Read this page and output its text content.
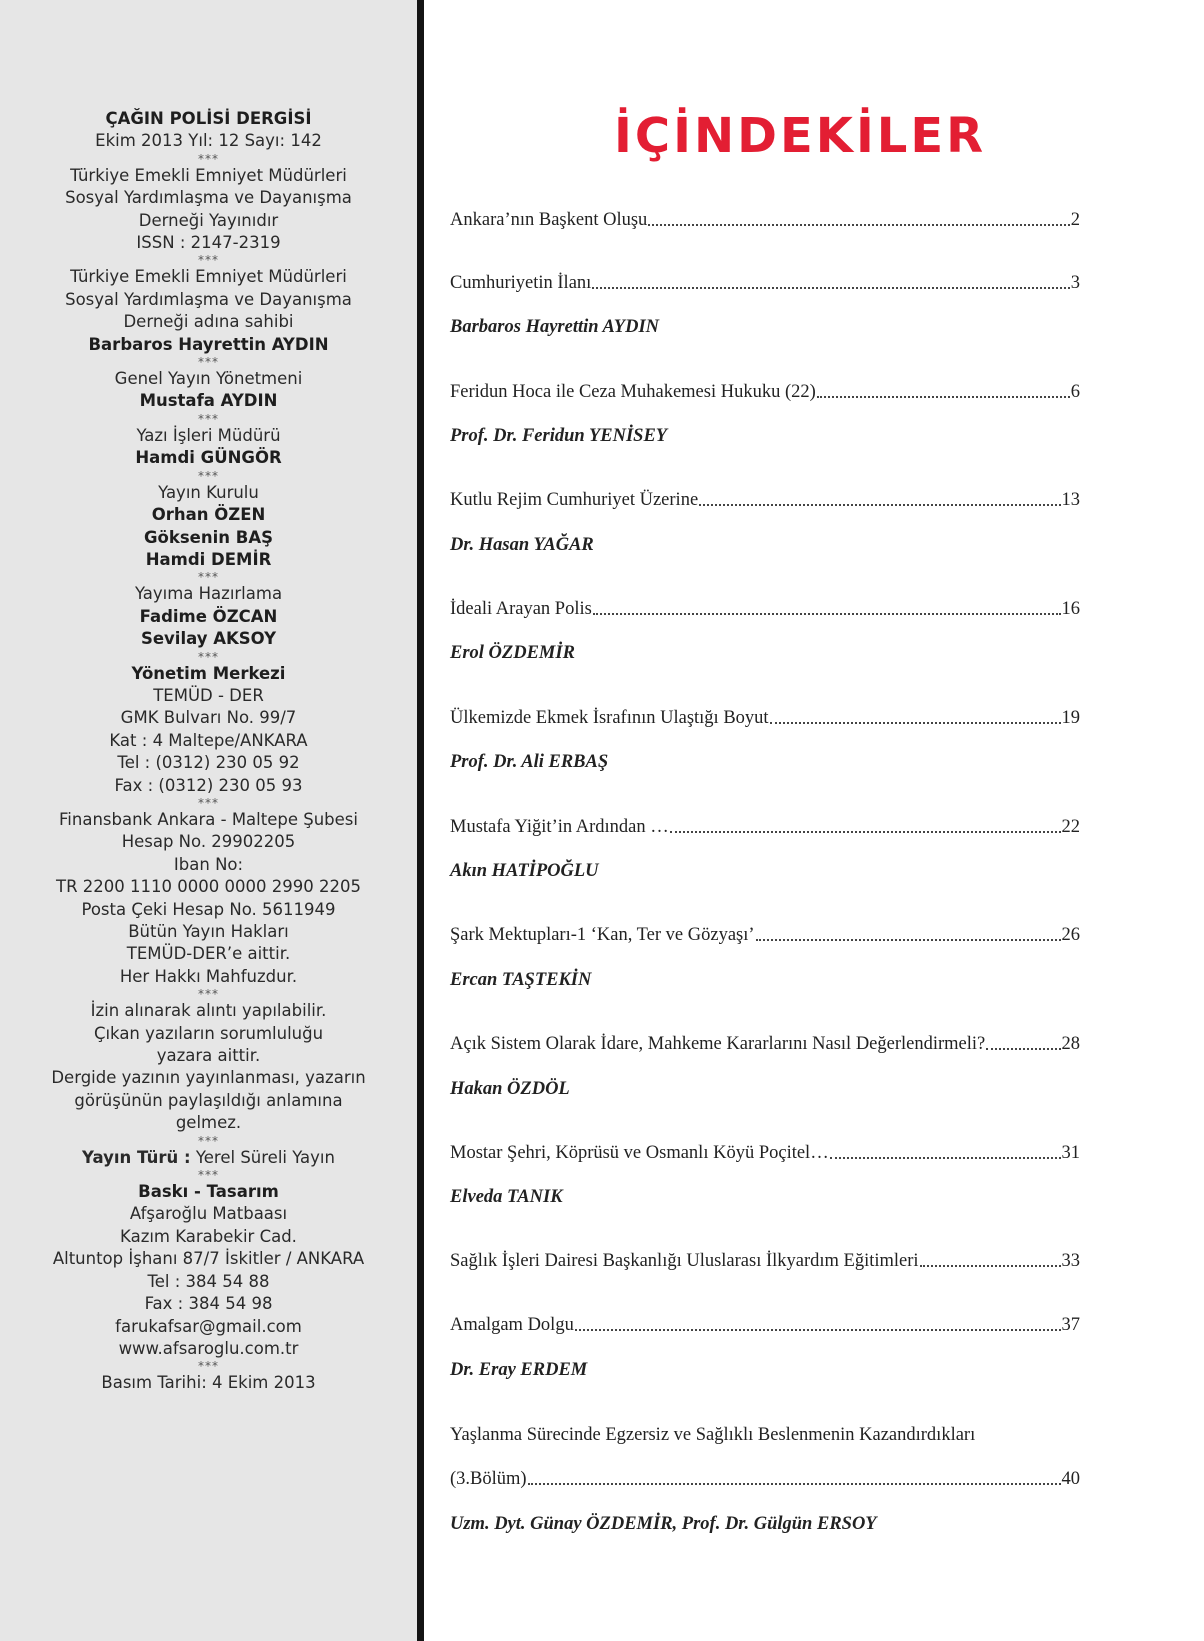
ÇAĞIN POLİSİ DERGİSİ
Ekim 2013 Yıl: 12 Sayı: 142
***
Türkiye Emekli Emniyet Müdürleri
Sosyal Yardımlaşma ve Dayanışma
Derneği Yayınıdır
ISSN : 2147-2319
***
Türkiye Emekli Emniyet Müdürleri
Sosyal Yardımlaşma ve Dayanışma
Derneği adına sahibi
Barbaros Hayrettin AYDIN
***
Genel Yayın Yönetmeni
Mustafa AYDIN
***
Yazı İşleri Müdürü
Hamdi GÜNGÖR
***
Yayın Kurulu
Orhan ÖZEN
Göksenin BAŞ
Hamdi DEMİR
***
Yayıma Hazırlama
Fadime ÖZCAN
Sevilay AKSOY
***
Yönetim Merkezi
TEMÜD - DER
GMK Bulvarı No. 99/7
Kat : 4 Maltepe/ANKARA
Tel : (0312) 230 05 92
Fax : (0312) 230 05 93
***
Finansbank Ankara - Maltepe Şubesi
Hesap No. 29902205
Iban No:
TR 2200 1110 0000 0000 2990 2205
Posta Çeki Hesap No. 5611949
Bütün Yayın Hakları
TEMÜD-DER’e aittir.
Her Hakkı Mahfuzdur.
***
İzin alınarak alıntı yapılabilir.
Çıkan yazıların sorumluluğu
yazara aittir.
Dergide yazının yayınlanması, yazarın
görüşünün paylaşıldığı anlamına
gelmez.
***
Yayın Türü : Yerel Süreli Yayın
***
Baskı - Tasarım
Afşaroğlu Matbaası
Kazım Karabekir Cad.
Altuntop İşhanı 87/7 İskitler / ANKARA
Tel : 384 54 88
Fax : 384 54 98
farukafsar@gmail.com
www.afsaroglu.com.tr
***
Basım Tarihi: 4 Ekim 2013
İÇİNDEKİLER
Ankara’nın Başkent Oluşu	2
Cumhuriyetin İlanı	3
Barbaros Hayrettin AYDIN
Feridun Hoca ile Ceza Muhakemesi Hukuku (22)	6
Prof. Dr. Feridun YENİSEY
Kutlu Rejim Cumhuriyet Üzerine	13
Dr. Hasan YAĞAR
İdeali Arayan Polis	16
Erol ÖZDEMİR
Ülkemizde Ekmek İsrafının Ulaştığı Boyut	19
Prof. Dr. Ali ERBAŞ
Mustafa Yiğit’in Ardından …	22
Akın HATİPOĞLU
Şark Mektupları-1 ‘Kan, Ter ve Gözyaşı’	26
Ercan TAŞTEKİN
Açık Sistem Olarak İdare, Mahkeme Kararlarını Nasıl Değerlendirmeli?	28
Hakan ÖZDÖL
Mostar Şehri, Köprüsü ve Osmanlı Köyü Poçitel…	31
Elveda TANIK
Sağlık İşleri Dairesi Başkanlığı Uluslarası İlkyardım Eğitimleri	33
Amalgam Dolgu	37
Dr. Eray ERDEM
Yaşlanma Sürecinde Egzersiz ve Sağlıklı Beslenmenin Kazandırdıkları
(3.Bölüm)	40
Uzm. Dyt. Günay ÖZDEMİR, Prof. Dr. Gülgün ERSOY
